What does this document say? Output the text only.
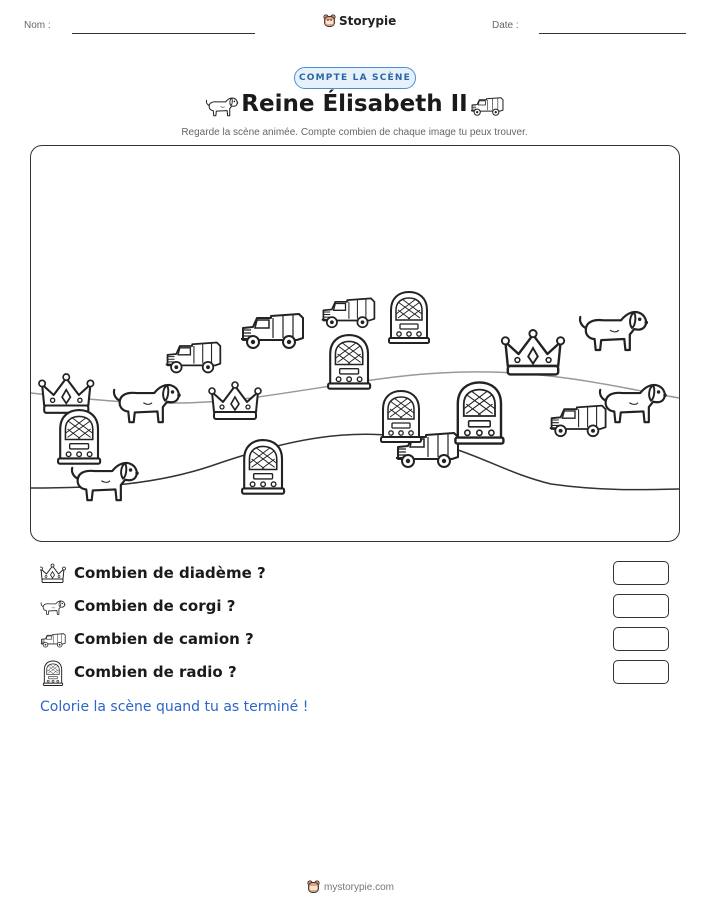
Nom :	Storypie	Date :
COMPTE LA SCÈNE
Reine Élisabeth II
Regarde la scène animée. Compte combien de chaque image tu peux trouver.
Combien de diadème ?
Combien de corgi ?
Combien de camion ?
Combien de radio ?
Colorie la scène quand tu as terminé !
mystorypie.com
